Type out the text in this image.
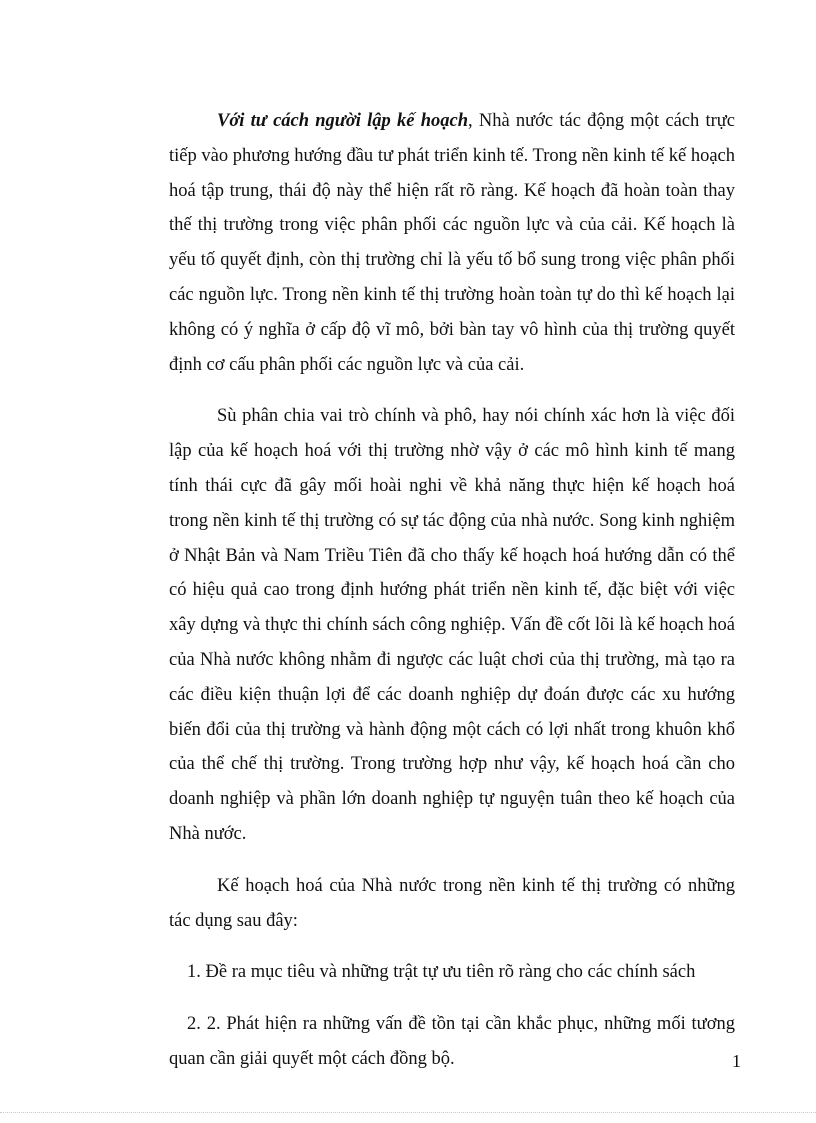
Với tư cách người lập kế hoạch, Nhà nước tác động một cách trực tiếp vào phương hướng đầu tư phát triển kinh tế. Trong nền kinh tế kế hoạch hoá tập trung, thái độ này thể hiện rất rõ ràng. Kế hoạch đã hoàn toàn thay thế thị trường trong việc phân phối các nguồn lực và của cải. Kế hoạch là yếu tố quyết định, còn thị trường chỉ là yếu tố bổ sung trong việc phân phối các nguồn lực. Trong nền kinh tế thị trường hoàn toàn tự do thì kế hoạch lại không có ý nghĩa ở cấp độ vĩ mô, bởi bàn tay vô hình của thị trường quyết định cơ cấu phân phối các nguồn lực và của cải.

Sù phân chia vai trò chính và phô, hay nói chính xác hơn là việc đối lập của kế hoạch hoá với thị trường nhờ vậy ở các mô hình kinh tế mang tính thái cực đã gây mối hoài nghi về khả năng thực hiện kế hoạch hoá trong nền kinh tế thị trường có sự tác động của nhà nước. Song kinh nghiệm ở Nhật Bản và Nam Triều Tiên đã cho thấy kế hoạch hoá hướng dẫn có thể có hiệu quả cao trong định hướng phát triển nền kinh tế, đặc biệt với việc xây dựng và thực thi chính sách công nghiệp. Vấn đề cốt lõi là kế hoạch hoá của Nhà nước không nhằm đi ngược các luật chơi của thị trường, mà tạo ra các điều kiện thuận lợi để các doanh nghiệp dự đoán được các xu hướng biến đổi của thị trường và hành động một cách có lợi nhất trong khuôn khổ của thể chế thị trường. Trong trường hợp như vậy, kế hoạch hoá cần cho doanh nghiệp và phần lớn doanh nghiệp tự nguyện tuân theo kế hoạch của Nhà nước.

Kế hoạch hoá của Nhà nước trong nền kinh tế thị trường có những tác dụng sau đây:

1. Đề ra mục tiêu và những trật tự ưu tiên rõ ràng cho các chính sách

2. 2. Phát hiện ra những vấn đề tồn tại cần khắc phục, những mối tương quan cần giải quyết một cách đồng bộ.	1
